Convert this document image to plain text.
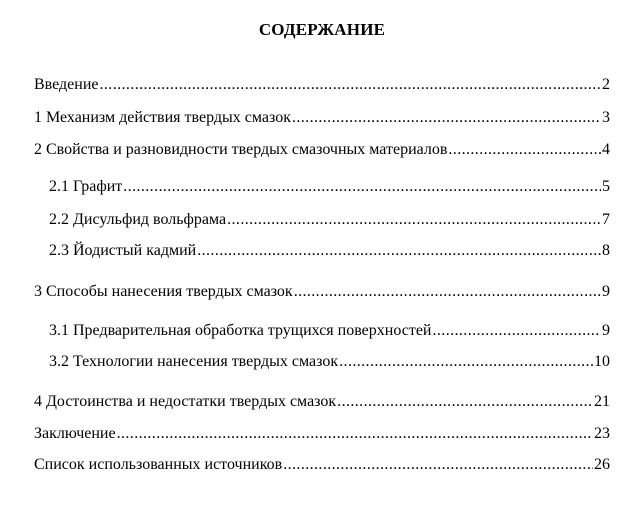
СОДЕРЖАНИЕ
Введение .....	2
1 Механизм действия твердых смазок .....	3
2 Свойства и разновидности твердых смазочных материалов .....	4
2.1 Графит .....	5
2.2 Дисульфид вольфрама .....	7
2.3 Йодистый кадмий .....	8
3 Способы нанесения твердых смазок .....	9
3.1 Предварительная обработка трущихся поверхностей .....	9
3.2 Технологии нанесения твердых смазок .....	10
4 Достоинства и недостатки твердых смазок .....	21
Заключение .....	23
Список использованных источников .....	26
